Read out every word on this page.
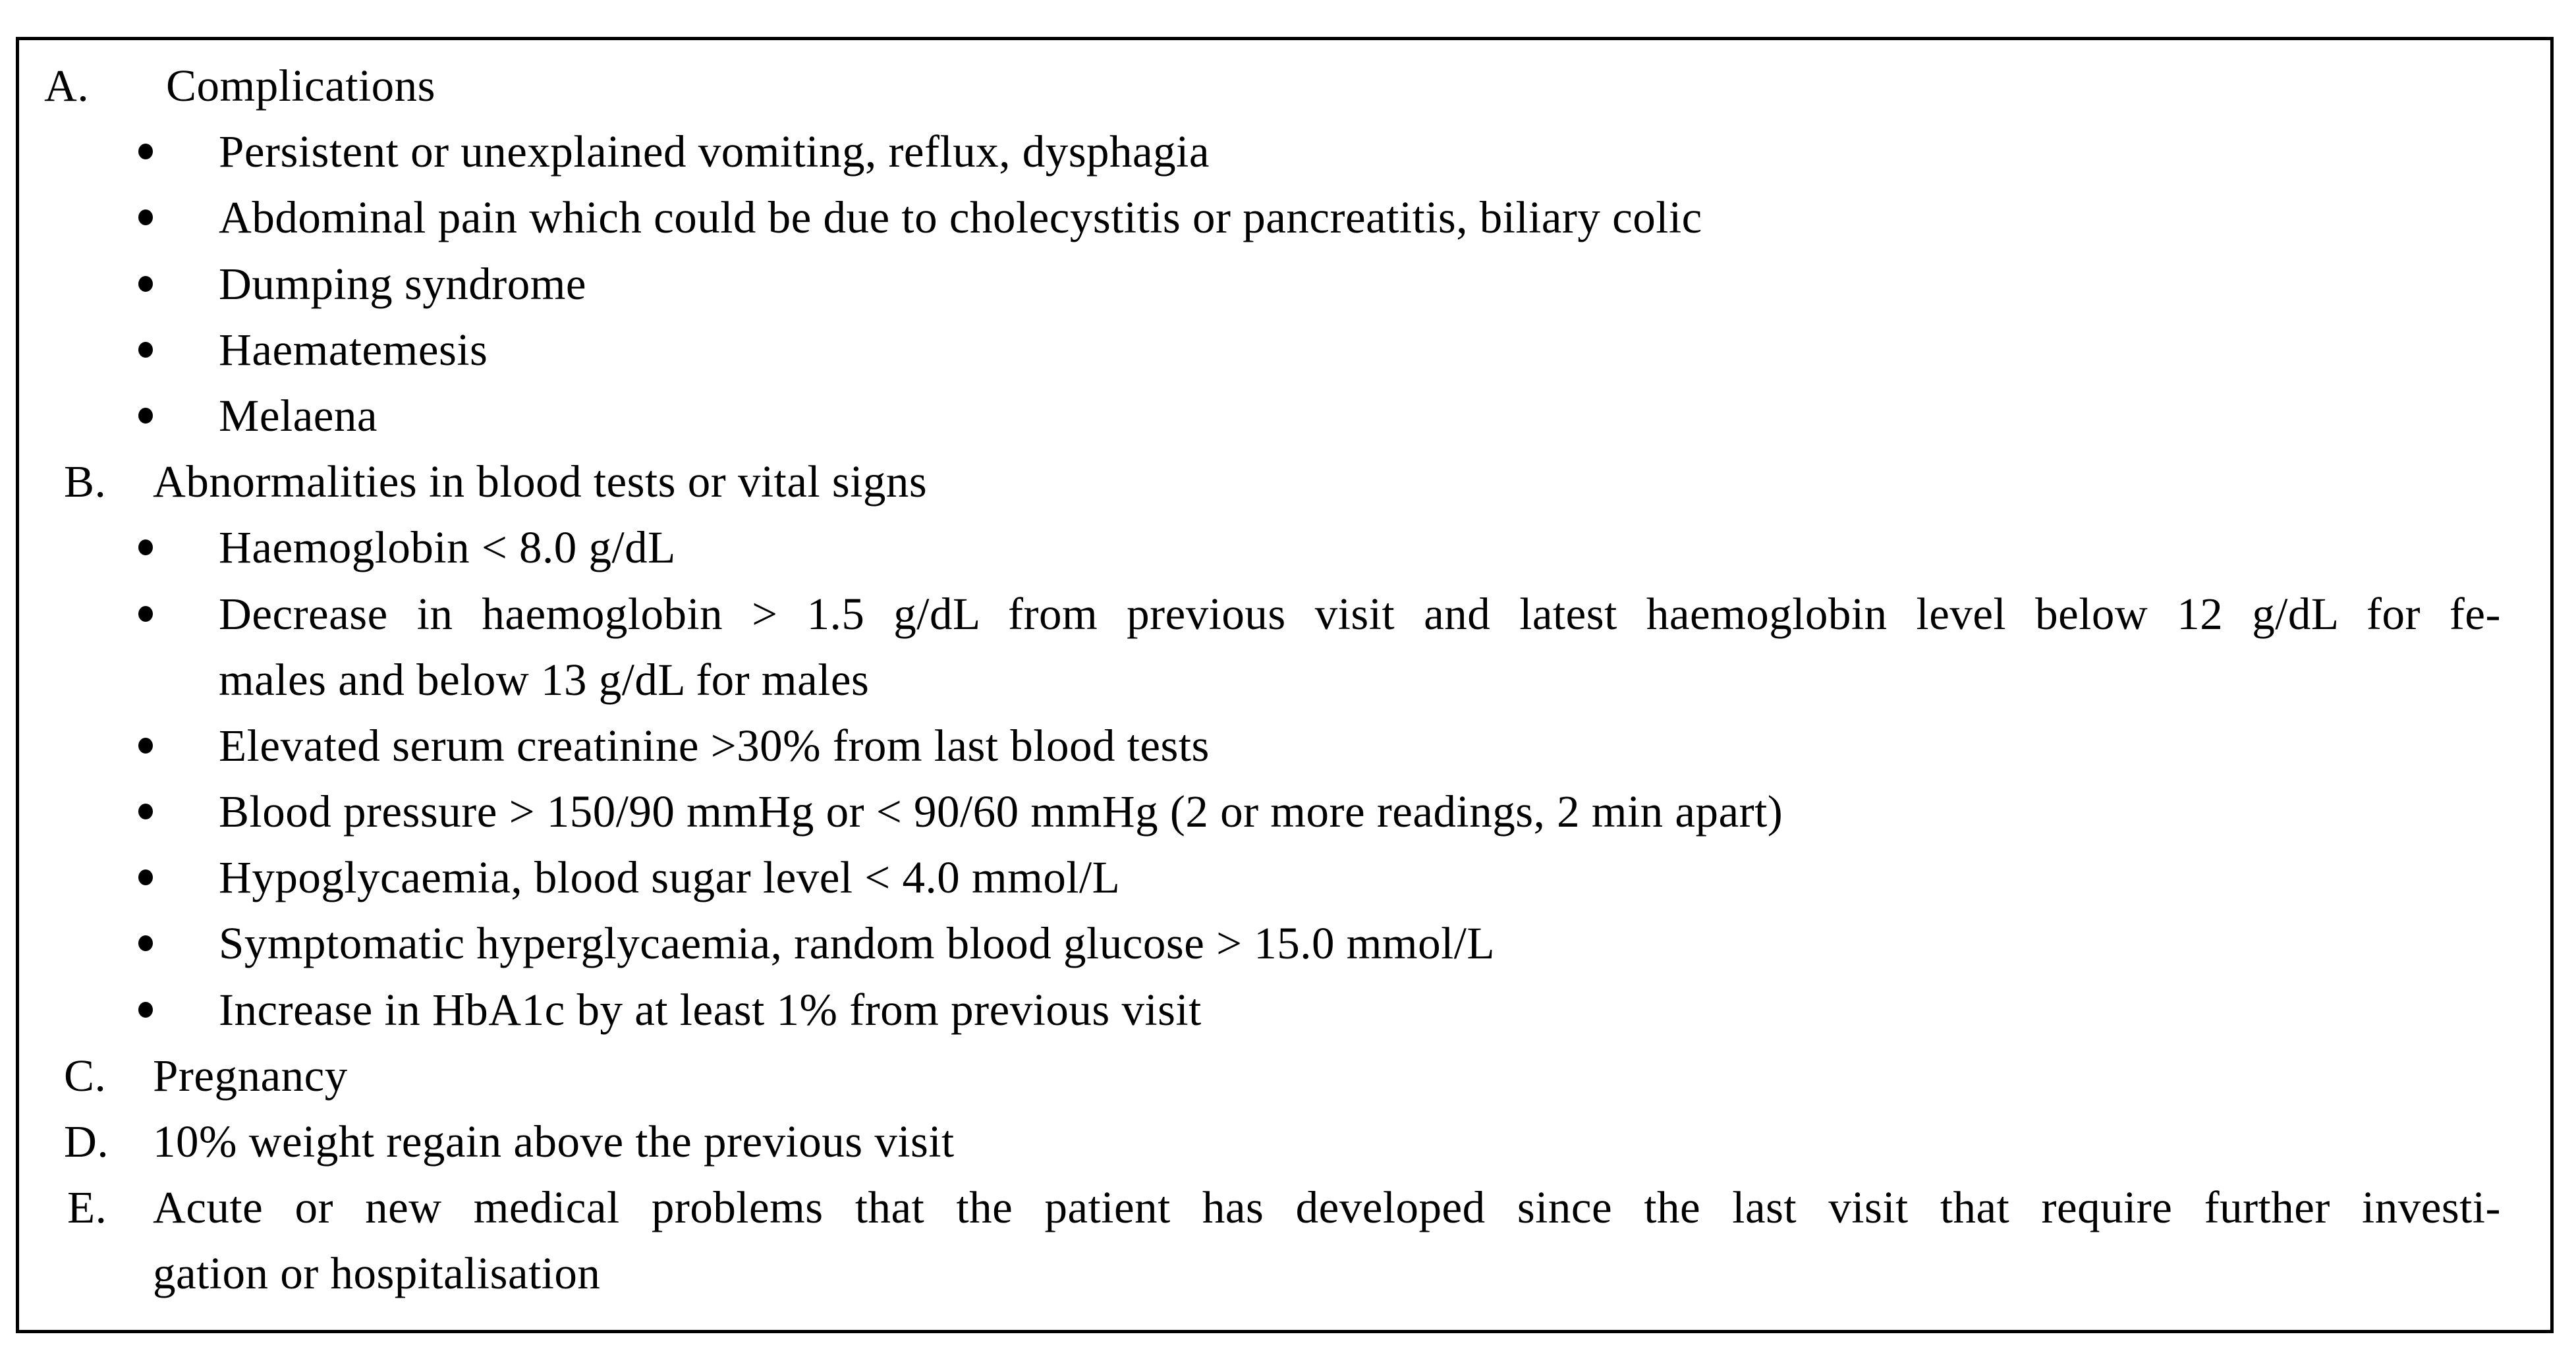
A. Complications
Persistent or unexplained vomiting, reflux, dysphagia
Abdominal pain which could be due to cholecystitis or pancreatitis, biliary colic
Dumping syndrome
Haematemesis
Melaena
B. Abnormalities in blood tests or vital signs
Haemoglobin < 8.0 g/dL
Decrease in haemoglobin > 1.5 g/dL from previous visit and latest haemoglobin level below 12 g/dL for fe-
males and below 13 g/dL for males
Elevated serum creatinine >30% from last blood tests
Blood pressure > 150/90 mmHg or < 90/60 mmHg (2 or more readings, 2 min apart)
Hypoglycaemia, blood sugar level < 4.0 mmol/L
Symptomatic hyperglycaemia, random blood glucose > 15.0 mmol/L
Increase in HbA1c by at least 1% from previous visit
C. Pregnancy
D. 10% weight regain above the previous visit
E. Acute or new medical problems that the patient has developed since the last visit that require further investi-
gation or hospitalisation
